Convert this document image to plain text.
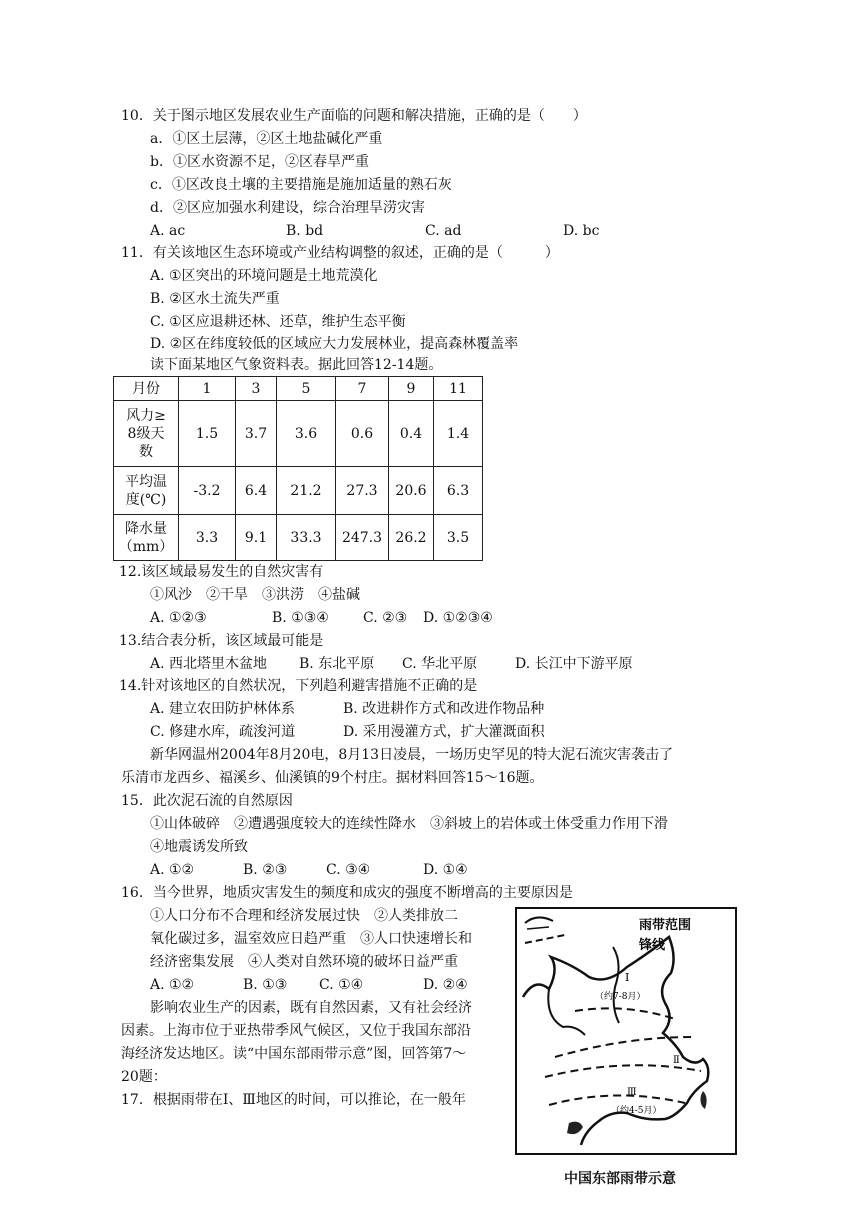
10．关于图示地区发展农业生产面临的问题和解决措施，正确的是（　　）
a．①区土层薄，②区土地盐碱化严重
b．①区水资源不足，②区春旱严重
c．①区改良土壤的主要措施是施加适量的熟石灰
d．②区应加强水利建设，综合治理旱涝灾害
A. ac	B. bd	C. ad	D. bc
11．有关该地区生态环境或产业结构调整的叙述，正确的是（　　　）
A. ①区突出的环境问题是土地荒漠化
B. ②区水土流失严重
C. ①区应退耕还林、还草，维护生态平衡
D. ②区在纬度较低的区域应大力发展林业，提高森林覆盖率
读下面某地区气象资料表。据此回答12-14题。
月份	1	3	5	7	9	11

风力≥
8级天
数	1.5	3.7	3.6	0.6	0.4	1.4

平均温
度(℃)	-3.2	6.4	21.2	27.3	20.6	6.3

降水量
（mm）	3.3	9.1	33.3	247.3	26.2	3.5
12.该区域最易发生的自然灾害有
①风沙　②干旱　③洪涝　④盐碱
A. ①②③	B. ①③④ C. ②③ D. ①②③④
13.结合表分析，该区域最可能是
A. 西北塔里木盆地 B. 东北平原 C. 华北平原	D. 长江中下游平原
14.针对该地区的自然状况，下列趋利避害措施不正确的是
A. 建立农田防护林体系	B. 改进耕作方式和改进作物品种
C. 修建水库，疏浚河道	D. 采用漫灌方式，扩大灌溉面积
新华网温州2004年8月20电，8月13日凌晨，一场历史罕见的特大泥石流灾害袭击了
乐清市龙西乡、福溪乡、仙溪镇的9个村庄。据材料回答15～16题。
15．此次泥石流的自然原因
①山体破碎　②遭遇强度较大的连续性降水　③斜坡上的岩体或土体受重力作用下滑
④地震诱发所致
A. ①②	B. ②③	C. ③④	D. ①④
16．当今世界，地质灾害发生的频度和成灾的强度不断增高的主要原因是
①人口分布不合理和经济发展过快　②人类排放二
氧化碳过多，温室效应日趋严重　③人口快速增长和
经济密集发展　④人类对自然环境的破坏日益严重
A. ①②	B. ①③ C. ①④	D. ②④
影响农业生产的因素，既有自然因素，又有社会经济
因素。上海市位于亚热带季风气候区，又位于我国东部沿
海经济发达地区。读“中国东部雨带示意”图，回答第7～
20题：
17．根据雨带在Ⅰ、Ⅲ地区的时间，可以推论，在一般年
雨带范围
锋线
Ⅰ
（约7-8月）
Ⅱ
Ⅲ
（约4-5月）
中国东部雨带示意
